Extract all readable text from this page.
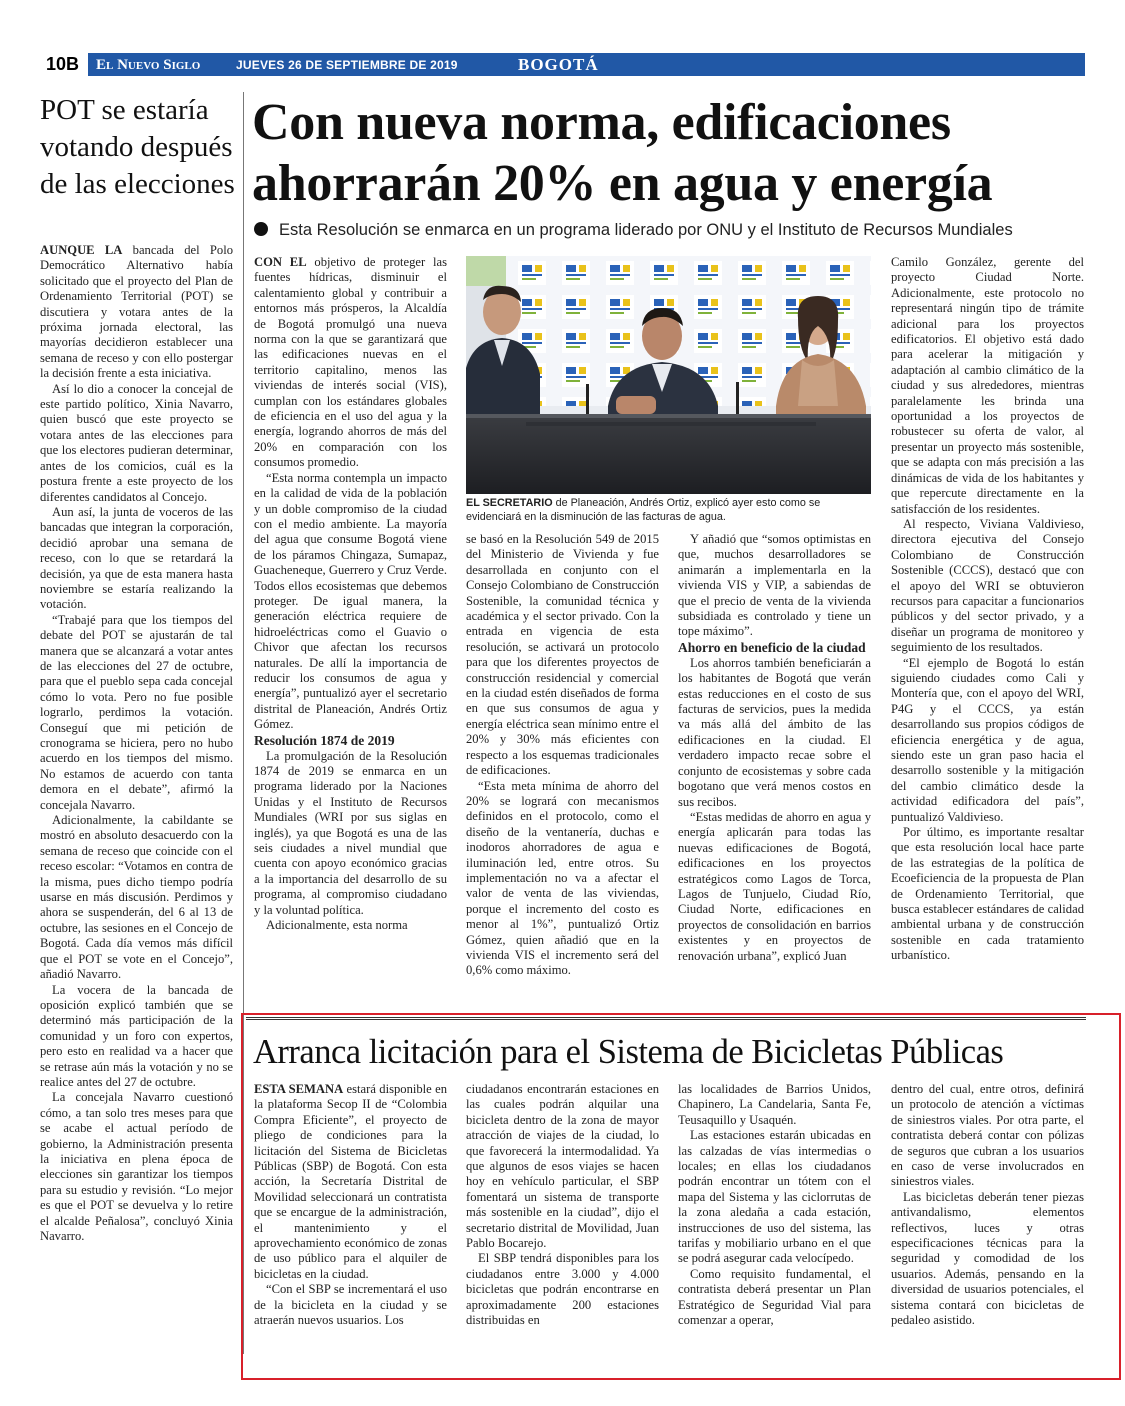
10B El Nuevo Siglo	JUEVES 26 DE SEPTIEMBRE DE 2019	BOGOTÁ
POT se estaría votando después de las elecciones

AUNQUE LA bancada del Polo Democrático Alternativo había solicitado que el proyecto del Plan de Ordenamiento Territorial (POT) se discutiera y votara antes de la próxima jornada electoral, las mayorías decidieron establecer una semana de receso y con ello postergar la decisión frente a esta iniciativa.

Así lo dio a conocer la concejal de este partido político, Xinia Navarro, quien buscó que este proyecto se votara antes de las elecciones para que los electores pudieran determinar, antes de los comicios, cuál es la postura frente a este proyecto de los diferentes candidatos al Concejo.

Aun así, la junta de voceros de las bancadas que integran la corporación, decidió aprobar una semana de receso, con lo que se retardará la decisión, ya que de esta manera hasta noviembre se estaría realizando la votación.

“Trabajé para que los tiempos del debate del POT se ajustarán de tal manera que se alcanzará a votar antes de las elecciones del 27 de octubre, para que el pueblo sepa cada concejal cómo lo vota. Pero no fue posible lograrlo, perdimos la votación. Conseguí que mi petición de cronograma se hiciera, pero no hubo acuerdo en los tiempos del mismo. No estamos de acuerdo con tanta demora en el debate”, afirmó la concejala Navarro.

Adicionalmente, la cabildante se mostró en absoluto desacuerdo con la semana de receso que coincide con el receso escolar: “Votamos en contra de la misma, pues dicho tiempo podría usarse en más discusión. Perdimos y ahora se suspenderán, del 6 al 13 de octubre, las sesiones en el Concejo de Bogotá. Cada día vemos más difícil que el POT se vote en el Concejo”, añadió Navarro.

La vocera de la bancada de oposición explicó también que se determinó más participación de la comunidad y un foro con expertos, pero esto en realidad va a hacer que se retrase aún más la votación y no se realice antes del 27 de octubre.

La concejala Navarro cuestionó cómo, a tan solo tres meses para que se acabe el actual período de gobierno, la Administración presenta la iniciativa en plena época de elecciones sin garantizar los tiempos para su estudio y revisión. “Lo mejor es que el POT se devuelva y lo retire el alcalde Peñalosa”, concluyó Xinia Navarro.

Con nueva norma, edificaciones ahorrarán 20% en agua y energía
Esta Resolución se enmarca en un programa liderado por ONU y el Instituto de Recursos Mundiales

CON EL objetivo de proteger las fuentes hídricas, disminuir el calentamiento global y contribuir a entornos más prósperos, la Alcaldía de Bogotá promulgó una nueva norma con la que se garantizará que las edificaciones nuevas en el territorio capitalino, menos las viviendas de interés social (VIS), cumplan con los estándares globales de eficiencia en el uso del agua y la energía, logrando ahorros de más del 20% en comparación con los consumos promedio.

“Esta norma contempla un impacto en la calidad de vida de la población y un doble compromiso de la ciudad con el medio ambiente. La mayoría del agua que consume Bogotá viene de los páramos Chingaza, Sumapaz, Guacheneque, Guerrero y Cruz Verde. Todos ellos ecosistemas que debemos proteger. De igual manera, la generación eléctrica requiere de hidroeléctricas como el Guavio o Chivor que afectan los recursos naturales. De allí la importancia de reducir los consumos de agua y energía”, puntualizó ayer el secretario distrital de Planeación, Andrés Ortiz Gómez.

Resolución 1874 de 2019

La promulgación de la Resolución 1874 de 2019 se enmarca en un programa liderado por la Naciones Unidas y el Instituto de Recursos Mundiales (WRI por sus siglas en inglés), ya que Bogotá es una de las seis ciudades a nivel mundial que cuenta con apoyo económico gracias a la importancia del desarrollo de su programa, al compromiso ciudadano y la voluntad política.

Adicionalmente, esta norma

EL SECRETARIO de Planeación, Andrés Ortiz, explicó ayer esto como se evidenciará en la disminución de las facturas de agua.

se basó en la Resolución 549 de 2015 del Ministerio de Vivienda y fue desarrollada en conjunto con el Consejo Colombiano de Construcción Sostenible, la comunidad técnica y académica y el sector privado. Con la entrada en vigencia de esta resolución, se activará un protocolo para que los diferentes proyectos de construcción residencial y comercial en la ciudad estén diseñados de forma en que sus consumos de agua y energía eléctrica sean mínimo entre el 20% y 30% más eficientes con respecto a los esquemas tradicionales de edificaciones.

“Esta meta mínima de ahorro del 20% se logrará con mecanismos definidos en el protocolo, como el diseño de la ventanería, duchas e inodoros ahorradores de agua e iluminación led, entre otros. Su implementación no va a afectar el valor de venta de las viviendas, porque el incremento del costo es menor al 1%”, puntualizó Ortiz Gómez, quien añadió que en la vivienda VIS el incremento será del 0,6% como máximo.

Y añadió que “somos optimistas en que, muchos desarrolladores se animarán a implementarla en la vivienda VIS y VIP, a sabiendas de que el precio de venta de la vivienda subsidiada es controlado y tiene un tope máximo”.

Ahorro en beneficio de la ciudad

Los ahorros también beneficiarán a los habitantes de Bogotá que verán estas reducciones en el costo de sus facturas de servicios, pues la medida va más allá del ámbito de las edificaciones en la ciudad. El verdadero impacto recae sobre el conjunto de ecosistemas y sobre cada bogotano que verá menos costos en sus recibos.

“Estas medidas de ahorro en agua y energía aplicarán para todas las nuevas edificaciones de Bogotá, edificaciones en los proyectos estratégicos como Lagos de Torca, Lagos de Tunjuelo, Ciudad Río, Ciudad Norte, edificaciones en proyectos de consolidación en barrios existentes y en proyectos de renovación urbana”, explicó Juan

Camilo González, gerente del proyecto Ciudad Norte. Adicionalmente, este protocolo no representará ningún tipo de trámite adicional para los proyectos edificatorios. El objetivo está dado para acelerar la mitigación y adaptación al cambio climático de la ciudad y sus alrededores, mientras paralelamente les brinda una oportunidad a los proyectos de robustecer su oferta de valor, al presentar un proyecto más sostenible, que se adapta con más precisión a las dinámicas de vida de los habitantes y que repercute directamente en la satisfacción de los residentes.

Al respecto, Viviana Valdivieso, directora ejecutiva del Consejo Colombiano de Construcción Sostenible (CCCS), destacó que con el apoyo del WRI se obtuvieron recursos para capacitar a funcionarios públicos y del sector privado, y a diseñar un programa de monitoreo y seguimiento de los resultados.

“El ejemplo de Bogotá lo están siguiendo ciudades como Cali y Montería que, con el apoyo del WRI, P4G y el CCCS, ya están desarrollando sus propios códigos de eficiencia energética y de agua, siendo este un gran paso hacia el desarrollo sostenible y la mitigación del cambio climático desde la actividad edificadora del país”, puntualizó Valdivieso.

Por último, es importante resaltar que esta resolución local hace parte de las estrategias de la política de Ecoeficiencia de la propuesta de Plan de Ordenamiento Territorial, que busca establecer estándares de calidad ambiental urbana y de construcción sostenible en cada tratamiento urbanístico.

Arranca licitación para el Sistema de Bicicletas Públicas

ESTA SEMANA estará disponible en la plataforma Secop II de “Colombia Compra Eficiente”, el proyecto de pliego de condiciones para la licitación del Sistema de Bicicletas Públicas (SBP) de Bogotá. Con esta acción, la Secretaría Distrital de Movilidad seleccionará un contratista que se encargue de la administración, el mantenimiento y el aprovechamiento económico de zonas de uso público para el alquiler de bicicletas en la ciudad.

“Con el SBP se incrementará el uso de la bicicleta en la ciudad y se atraerán nuevos usuarios. Los

ciudadanos encontrarán estaciones en las cuales podrán alquilar una bicicleta dentro de la zona de mayor atracción de viajes de la ciudad, lo que favorecerá la intermodalidad. Ya que algunos de esos viajes se hacen hoy en vehículo particular, el SBP fomentará un sistema de transporte más sostenible en la ciudad”, dijo el secretario distrital de Movilidad, Juan Pablo Bocarejo.

El SBP tendrá disponibles para los ciudadanos entre 3.000 y 4.000 bicicletas que podrán encontrarse en aproximadamente 200 estaciones distribuidas en

las localidades de Barrios Unidos, Chapinero, La Candelaria, Santa Fe, Teusaquillo y Usaquén.

Las estaciones estarán ubicadas en las calzadas de vías intermedias o locales; en ellas los ciudadanos podrán encontrar un tótem con el mapa del Sistema y las ciclorrutas de la zona aledaña a cada estación, instrucciones de uso del sistema, las tarifas y mobiliario urbano en el que se podrá asegurar cada velocípedo.

Como requisito fundamental, el contratista deberá presentar un Plan Estratégico de Seguridad Vial para comenzar a operar,

dentro del cual, entre otros, definirá un protocolo de atención a víctimas de siniestros viales. Por otra parte, el contratista deberá contar con pólizas de seguros que cubran a los usuarios en caso de verse involucrados en siniestros viales.

Las bicicletas deberán tener piezas antivandalismo, elementos reflectivos, luces y otras especificaciones técnicas para la seguridad y comodidad de los usuarios. Además, pensando en la diversidad de usuarios potenciales, el sistema contará con bicicletas de pedaleo asistido.
